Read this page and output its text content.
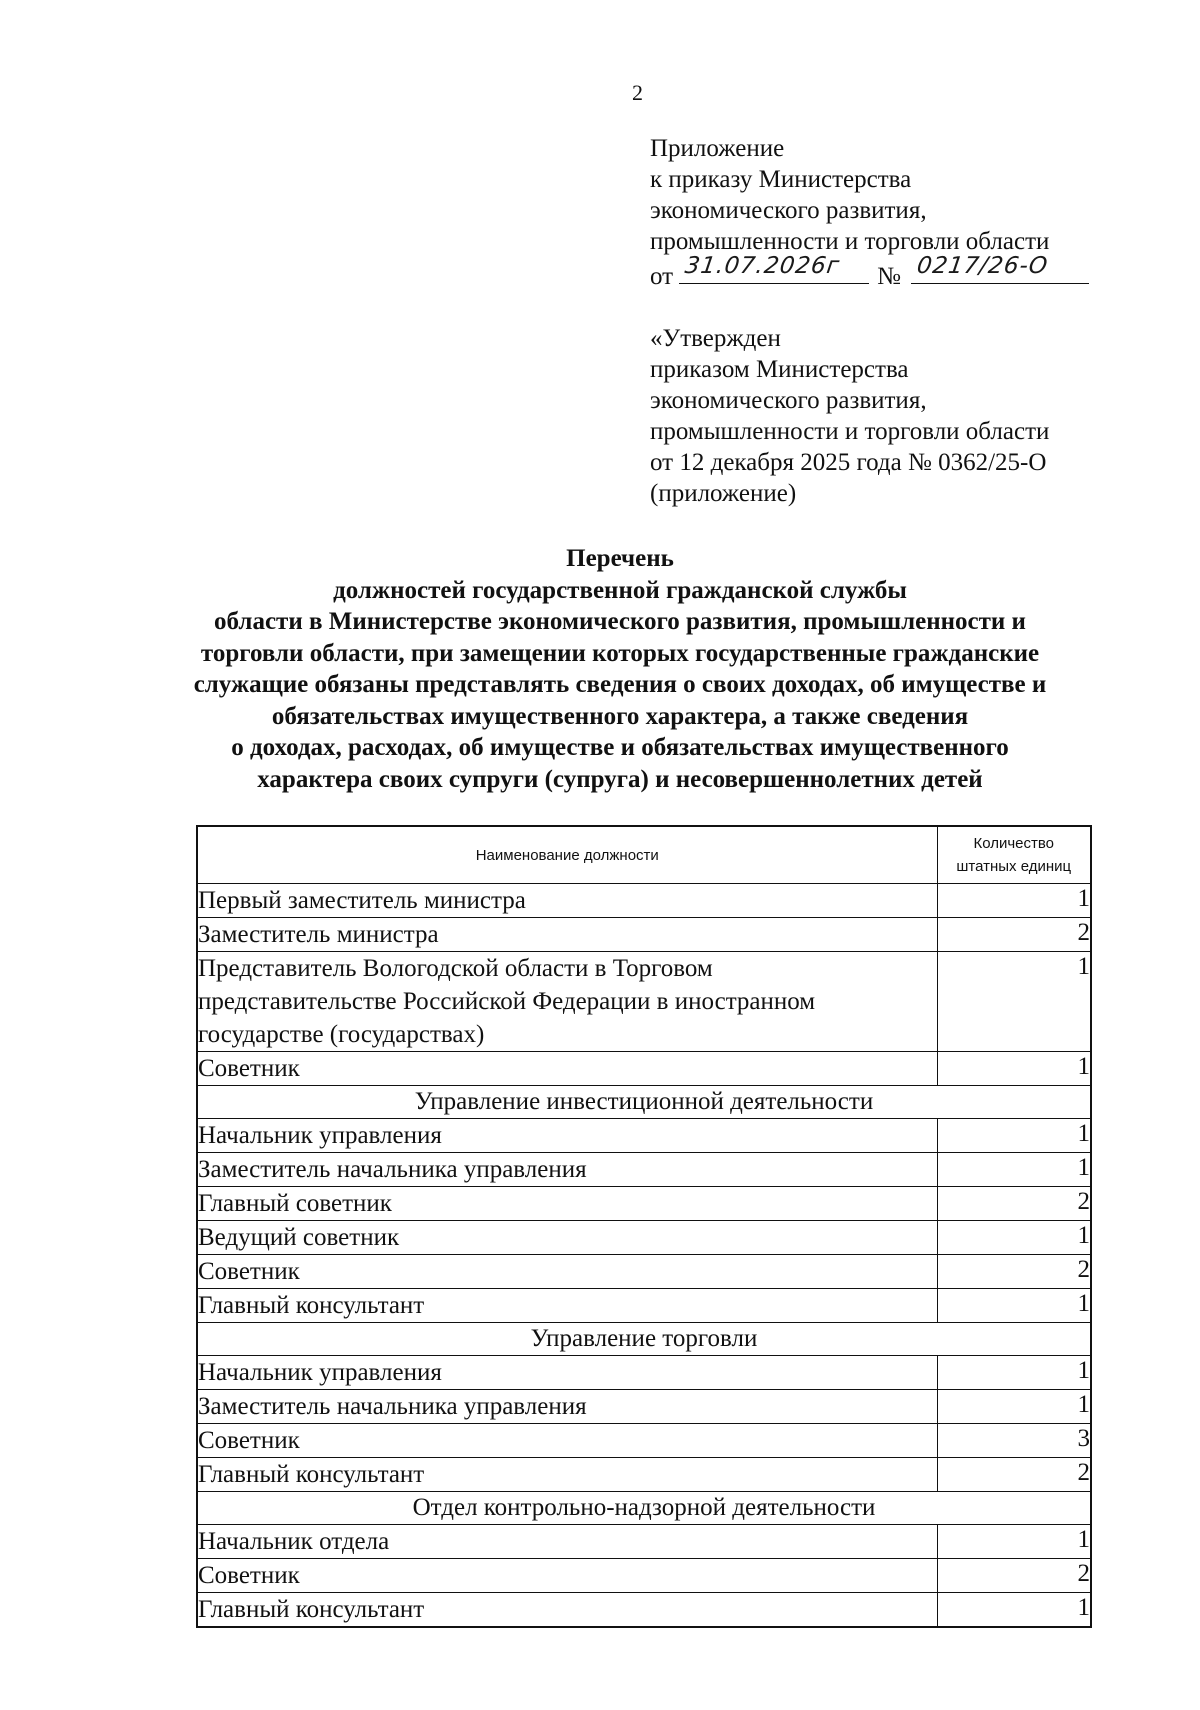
2
Приложение
к приказу Министерства
экономического развития,
промышленности и торговли области
от 31.07.2026г № 0217/26-О
«Утвержден
приказом Министерства
экономического развития,
промышленности и торговли области
от 12 декабря 2025 года № 0362/25-О
(приложение)
Перечень
должностей государственной гражданской службы
области в Министерстве экономического развития, промышленности и
торговли области, при замещении которых государственные гражданские
служащие обязаны представлять сведения о своих доходах, об имуществе и
обязательствах имущественного характера, а также сведения
о доходах, расходах, об имуществе и обязательствах имущественного
характера своих супруги (супруга) и несовершеннолетних детей
Наименование должности	Количество
штатных единиц

Первый заместитель министра	1
Заместитель министра	2

Представитель Вологодской области в Торговом
представительстве Российской Федерации в иностранном
государстве (государствах)	1
Советник	1
Управление инвестиционной деятельности	
Начальник управления	1
Заместитель начальника управления	1
Главный советник	2
Ведущий советник	1
Советник	2
Главный консультант	1
Управление торговли	
Начальник управления	1
Заместитель начальника управления	1
Советник	3
Главный консультант	2
Отдел контрольно-надзорной деятельности	
Начальник отдела	1
Советник	2
Главный консультант	1
